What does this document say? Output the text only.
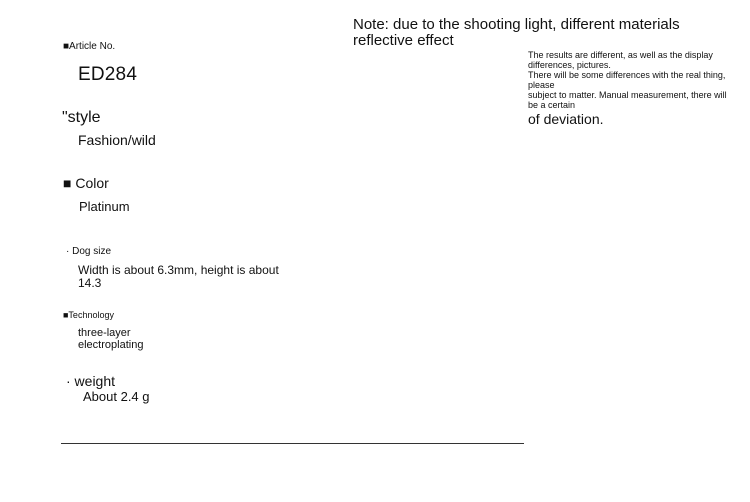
■Article No.
ED284
"style
Fashion/wild
■ Color
Platinum
· Dog size
Width is about 6.3mm, height is about 14.3
■Technology
three-layer electroplating
· weight
About 2.4 g
Note: due to the shooting light, different materials reflective effect
The results are different, as well as the display differences, pictures.
There will be some differences with the real thing, please
subject to matter. Manual measurement, there will be a certain
of deviation.
